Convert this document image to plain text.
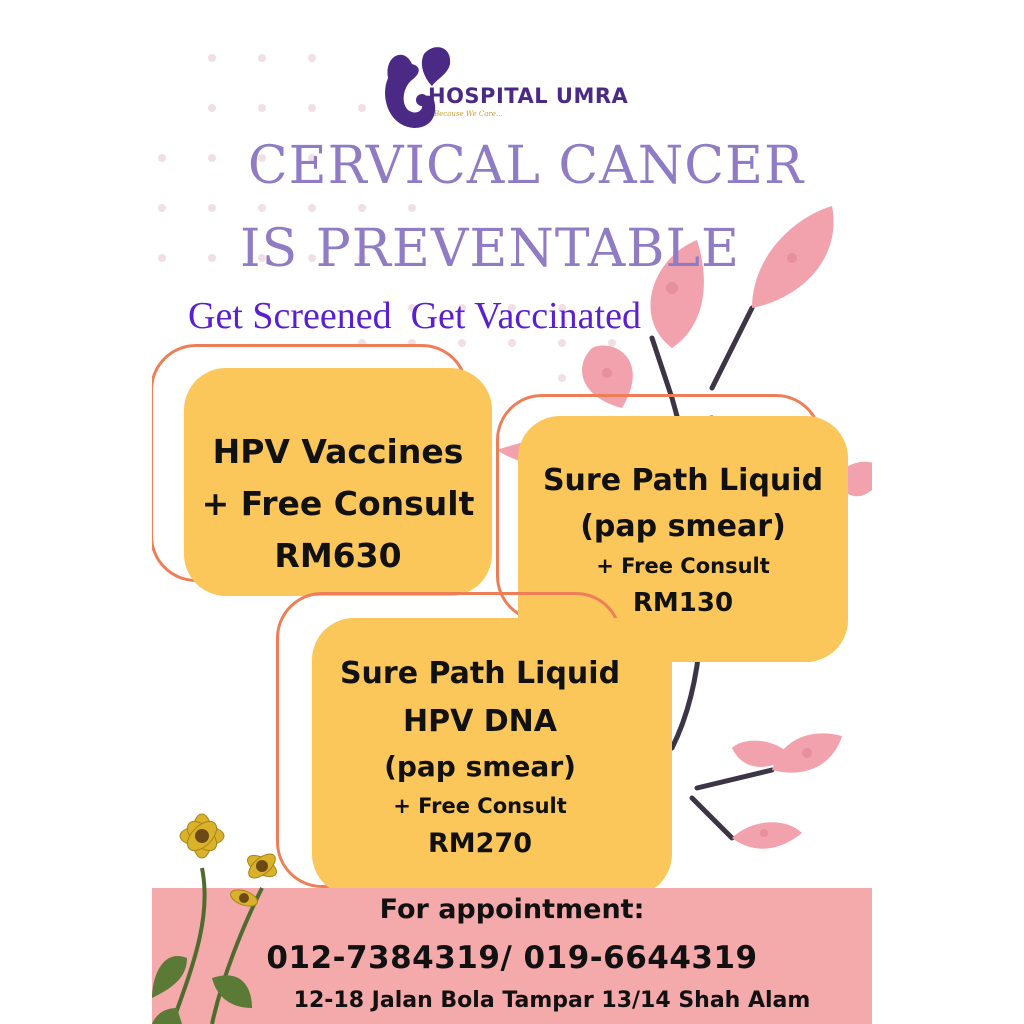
HOSPITAL UMRA
Because We Care...
CERVICAL CANCER
IS PREVENTABLE
Get Screened  Get Vaccinated
HPV Vaccines
+ Free Consult
RM630
Sure Path Liquid
(pap smear)
+ Free Consult
RM130
Sure Path Liquid
HPV DNA
(pap smear)
+ Free Consult
RM270
For appointment:
012-7384319/ 019-6644319
12-18 Jalan Bola Tampar 13/14 Shah Alam
